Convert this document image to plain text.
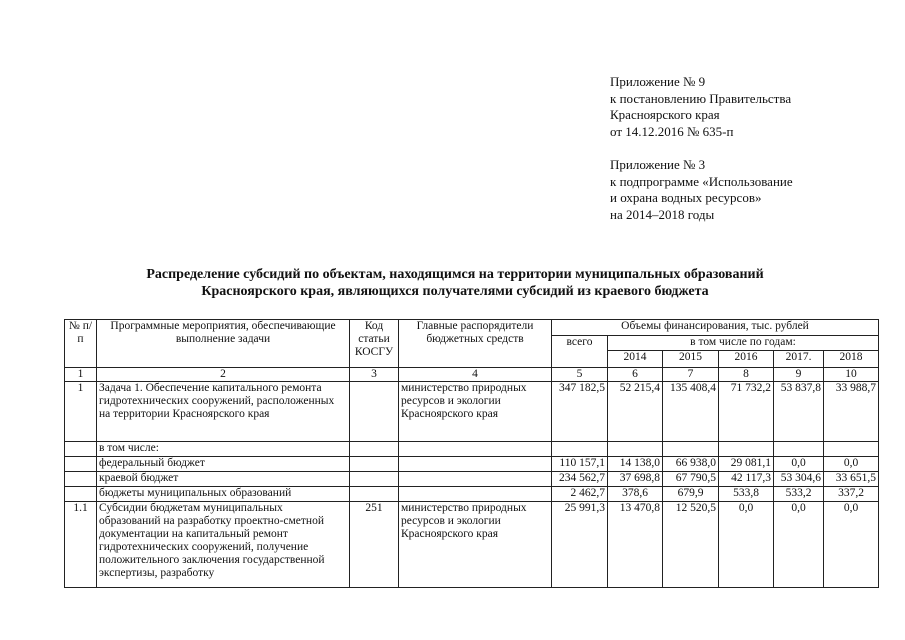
Приложение № 9
к постановлению Правительства
Красноярского края
от 14.12.2016 № 635-п
Приложение № 3
к подпрограмме «Использование
и охрана водных ресурсов»
на 2014–2018 годы
Распределение субсидий по объектам, находящимся на территории муниципальных образований
Красноярского края, являющихся получателями субсидий из краевого бюджета
№ п/п	Программные мероприятия, обеспечивающие выполнение задачи	Код статьи КОСГУ	Главные распорядители бюджетных средств	Объемы финансирования, тыс. рублей					
				всего	в том числе по годам:				
					2014	2015	2016	2017.	2018
1	2	3	4	5	6	7	8	9	10
1	Задача 1. Обеспечение капитального ремонта гидротехнических сооружений, расположенных на территории Красноярского края		министерство природных ресурсов и экологии Красноярского края	347 182,5	52 215,4	135 408,4	71 732,2	53 837,8	33 988,7
	в том числе:								
	федеральный бюджет			110 157,1	14 138,0	66 938,0	29 081,1	0,0	0,0
	краевой бюджет			234 562,7	37 698,8	67 790,5	42 117,3	53 304,6	33 651,5
	бюджеты муниципальных образований			2 462,7	378,6	679,9	533,8	533,2	337,2
1.1	Субсидии бюджетам муниципальных образований на разработку проектно-сметной документации на капитальный ремонт гидротехнических сооружений, получение положительного заключения государственной экспертизы, разработку	251	министерство природных ресурсов и экологии Красноярского края	25 991,3	13 470,8	12 520,5	0,0	0,0	0,0
